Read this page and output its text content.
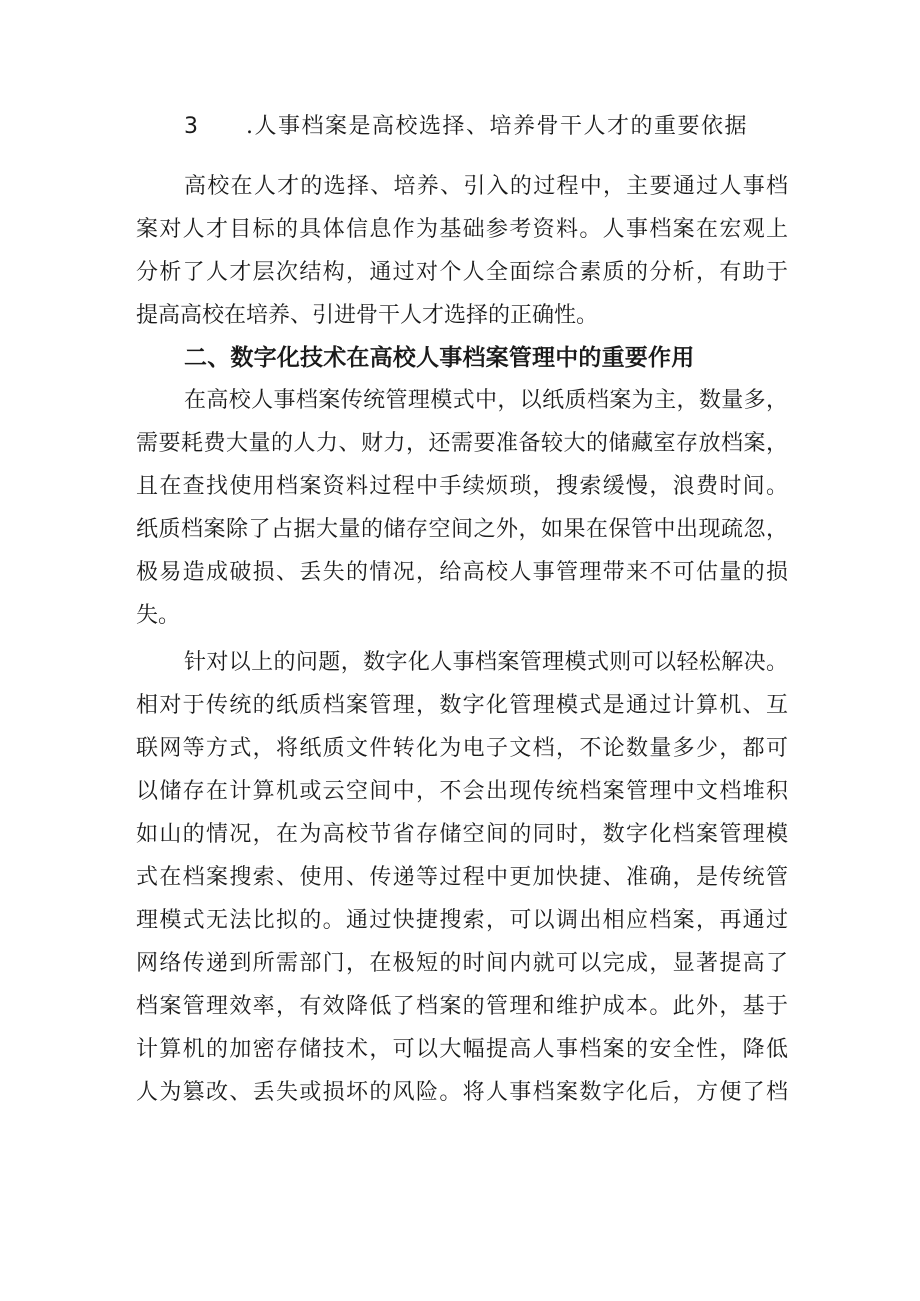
3 .人事档案是高校选择、培养骨干人才的重要依据
高校在人才的选择、培养、引入的过程中，主要通过人事档
案对人才目标的具体信息作为基础参考资料。人事档案在宏观上
分析了人才层次结构，通过对个人全面综合素质的分析，有助于
提高高校在培养、引进骨干人才选择的正确性。
二、数字化技术在高校人事档案管理中的重要作用
在高校人事档案传统管理模式中，以纸质档案为主，数量多，
需要耗费大量的人力、财力，还需要准备较大的储藏室存放档案，
且在查找使用档案资料过程中手续烦琐，搜索缓慢，浪费时间。
纸质档案除了占据大量的储存空间之外，如果在保管中出现疏忽，
极易造成破损、丢失的情况，给高校人事管理带来不可估量的损
失。
针对以上的问题，数字化人事档案管理模式则可以轻松解决。
相对于传统的纸质档案管理，数字化管理模式是通过计算机、互
联网等方式，将纸质文件转化为电子文档，不论数量多少，都可
以储存在计算机或云空间中，不会出现传统档案管理中文档堆积
如山的情况，在为高校节省存储空间的同时，数字化档案管理模
式在档案搜索、使用、传递等过程中更加快捷、准确，是传统管
理模式无法比拟的。通过快捷搜索，可以调出相应档案，再通过
网络传递到所需部门，在极短的时间内就可以完成，显著提高了
档案管理效率，有效降低了档案的管理和维护成本。此外，基于
计算机的加密存储技术，可以大幅提高人事档案的安全性，降低
人为篡改、丢失或损坏的风险。将人事档案数字化后，方便了档
